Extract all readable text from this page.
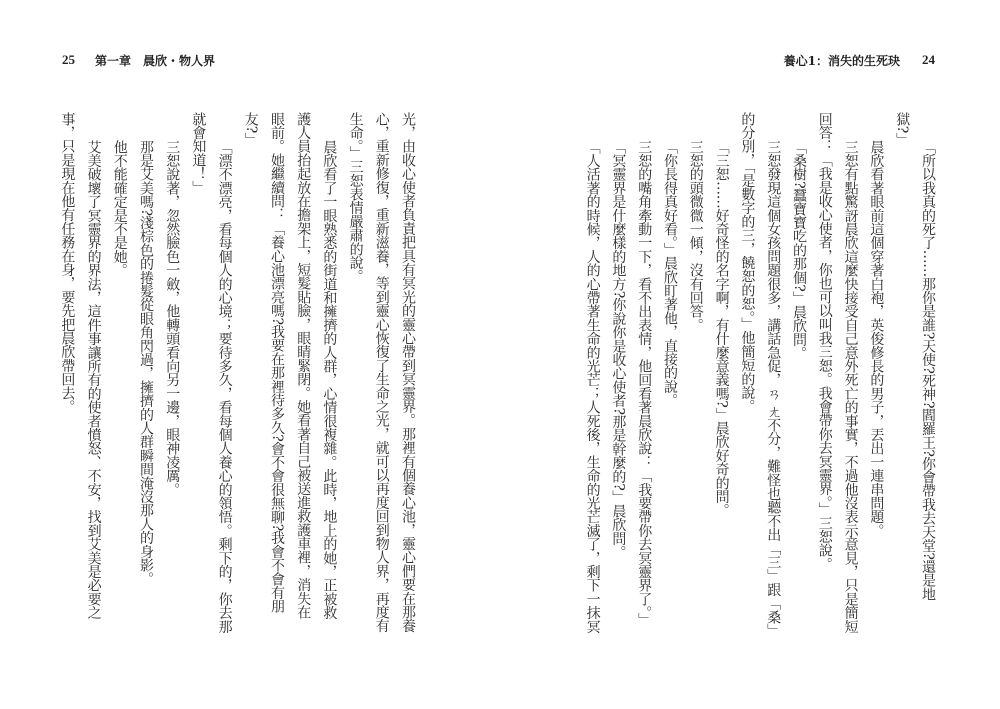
25 第一章　晨欣・物人界
光，由收心使者負責把具有冥光的靈心帶到冥靈界。那裡有個養心池，靈心們要在那養
心，重新修復，重新滋養，等到靈心恢復了生命之光，就可以再度回到物人界，再度有
生命。」三恕表情嚴肅的說。
晨欣看了一眼熟悉的街道和擁擠的人群，心情很複雜。此時，地上的她，正被救
護人員抬起放在擔架上，短髮貼臉，眼睛緊閉。她看著自己被送進救護車裡，消失在
眼前。她繼續問：「養心池漂亮嗎?我要在那裡待多久?會不會很無聊?我會不會有朋
友?」
「漂不漂亮，看每個人的心境；要待多久，看每個人養心的領悟。剩下的，你去那
就會知道！」
三恕說著，忽然臉色一斂，他轉頭看向另一邊，眼神凌厲。
那是艾美嗎?淺棕色的捲髮從眼角閃過，擁擠的人群瞬間淹沒那人的身影。
他不能確定是不是她。
艾美破壞了冥靈界的界法，這件事讓所有的使者憤怒、不安，找到艾美是必要之
事，只是現在他有任務在身，要先把晨欣帶回去。
養心1：消失的生死玦 24
「所以我真的死了……那你是誰?天使?死神?閻羅王?你會帶我去天堂?還是地
獄?」
晨欣看著眼前這個穿著白袍，英俊修長的男子，丟出一連串問題。
三恕有點驚訝晨欣這麼快接受自己意外死亡的事實，不過他沒表示意見，只是簡短
回答：「我是收心使者，你也可以叫我三恕。我會帶你去冥靈界。」三恕說。
「桑樹?蠶寶寶吃的那個?」晨欣問。
三恕發現這個女孩問題很多，講話急促，ㄢ ㄤ不分，難怪也聽不出「三」跟「桑」
的分別，「是數字的三，饒恕的恕。」他簡短的說。
「三恕……好奇怪的名字啊，有什麼意義嗎?」晨欣好奇的問。
三恕的頭微微一傾，沒有回答。
「你長得真好看。」晨欣盯著他，直接的說。
三恕的嘴角牽動一下，看不出表情，他回看著晨欣說：「我要帶你去冥靈界了。」
「冥靈界是什麼樣的地方?你說你是收心使者?那是幹麼的?」晨欣問。
「人活著的時候，人的心帶著生命的光芒；人死後，生命的光芒滅了，剩下一抹冥
